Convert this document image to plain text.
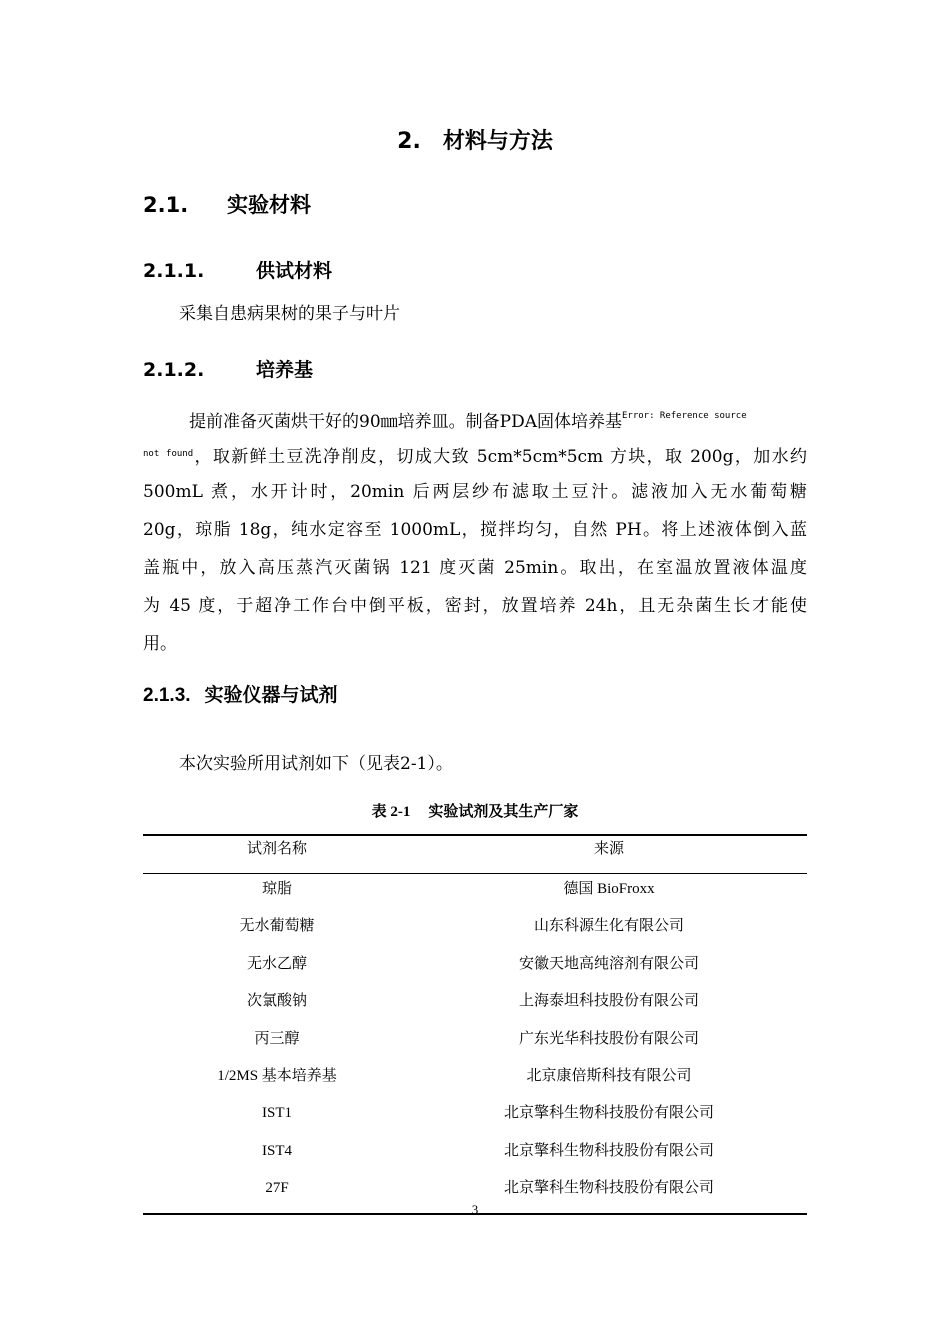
2. 材料与方法
2.1. 实验材料
2.1.1.	供试材料
采集自患病果树的果子与叶片
2.1.2.	培养基
提前准备灭菌烘干好的90㎜培养皿。制备PDA固体培养基$^{Error: Reference source}$
$^{not found}$，取新鲜土豆洗净削皮，切成大致 5cm*5cm*5cm 方块，取 200g，加水约
500mL 煮，水开计时，20min 后两层纱布滤取土豆汁。滤液加入无水葡萄糖
20g，琼脂 18g，纯水定容至 1000mL，搅拌均匀，自然 PH。将上述液体倒入蓝
盖瓶中，放入高压蒸汽灭菌锅 121 度灭菌 25min。取出，在室温放置液体温度
为 45 度，于超净工作台中倒平板，密封，放置培养 24h，且无杂菌生长才能使
用。
2.1.3. 实验仪器与试剂
本次实验所用试剂如下（见表2-1）。
表 2-1 实验试剂及其生产厂家
试剂名称	来源
琼脂	德国 BioFroxx
无水葡萄糖	山东科源生化有限公司
无水乙醇	安徽天地高纯溶剂有限公司
次氯酸钠	上海泰坦科技股份有限公司
丙三醇	广东光华科技股份有限公司
1/2MS 基本培养基	北京康倍斯科技有限公司
IST1	北京擎科生物科技股份有限公司
IST4	北京擎科生物科技股份有限公司
27F	北京擎科生物科技股份有限公司
3
